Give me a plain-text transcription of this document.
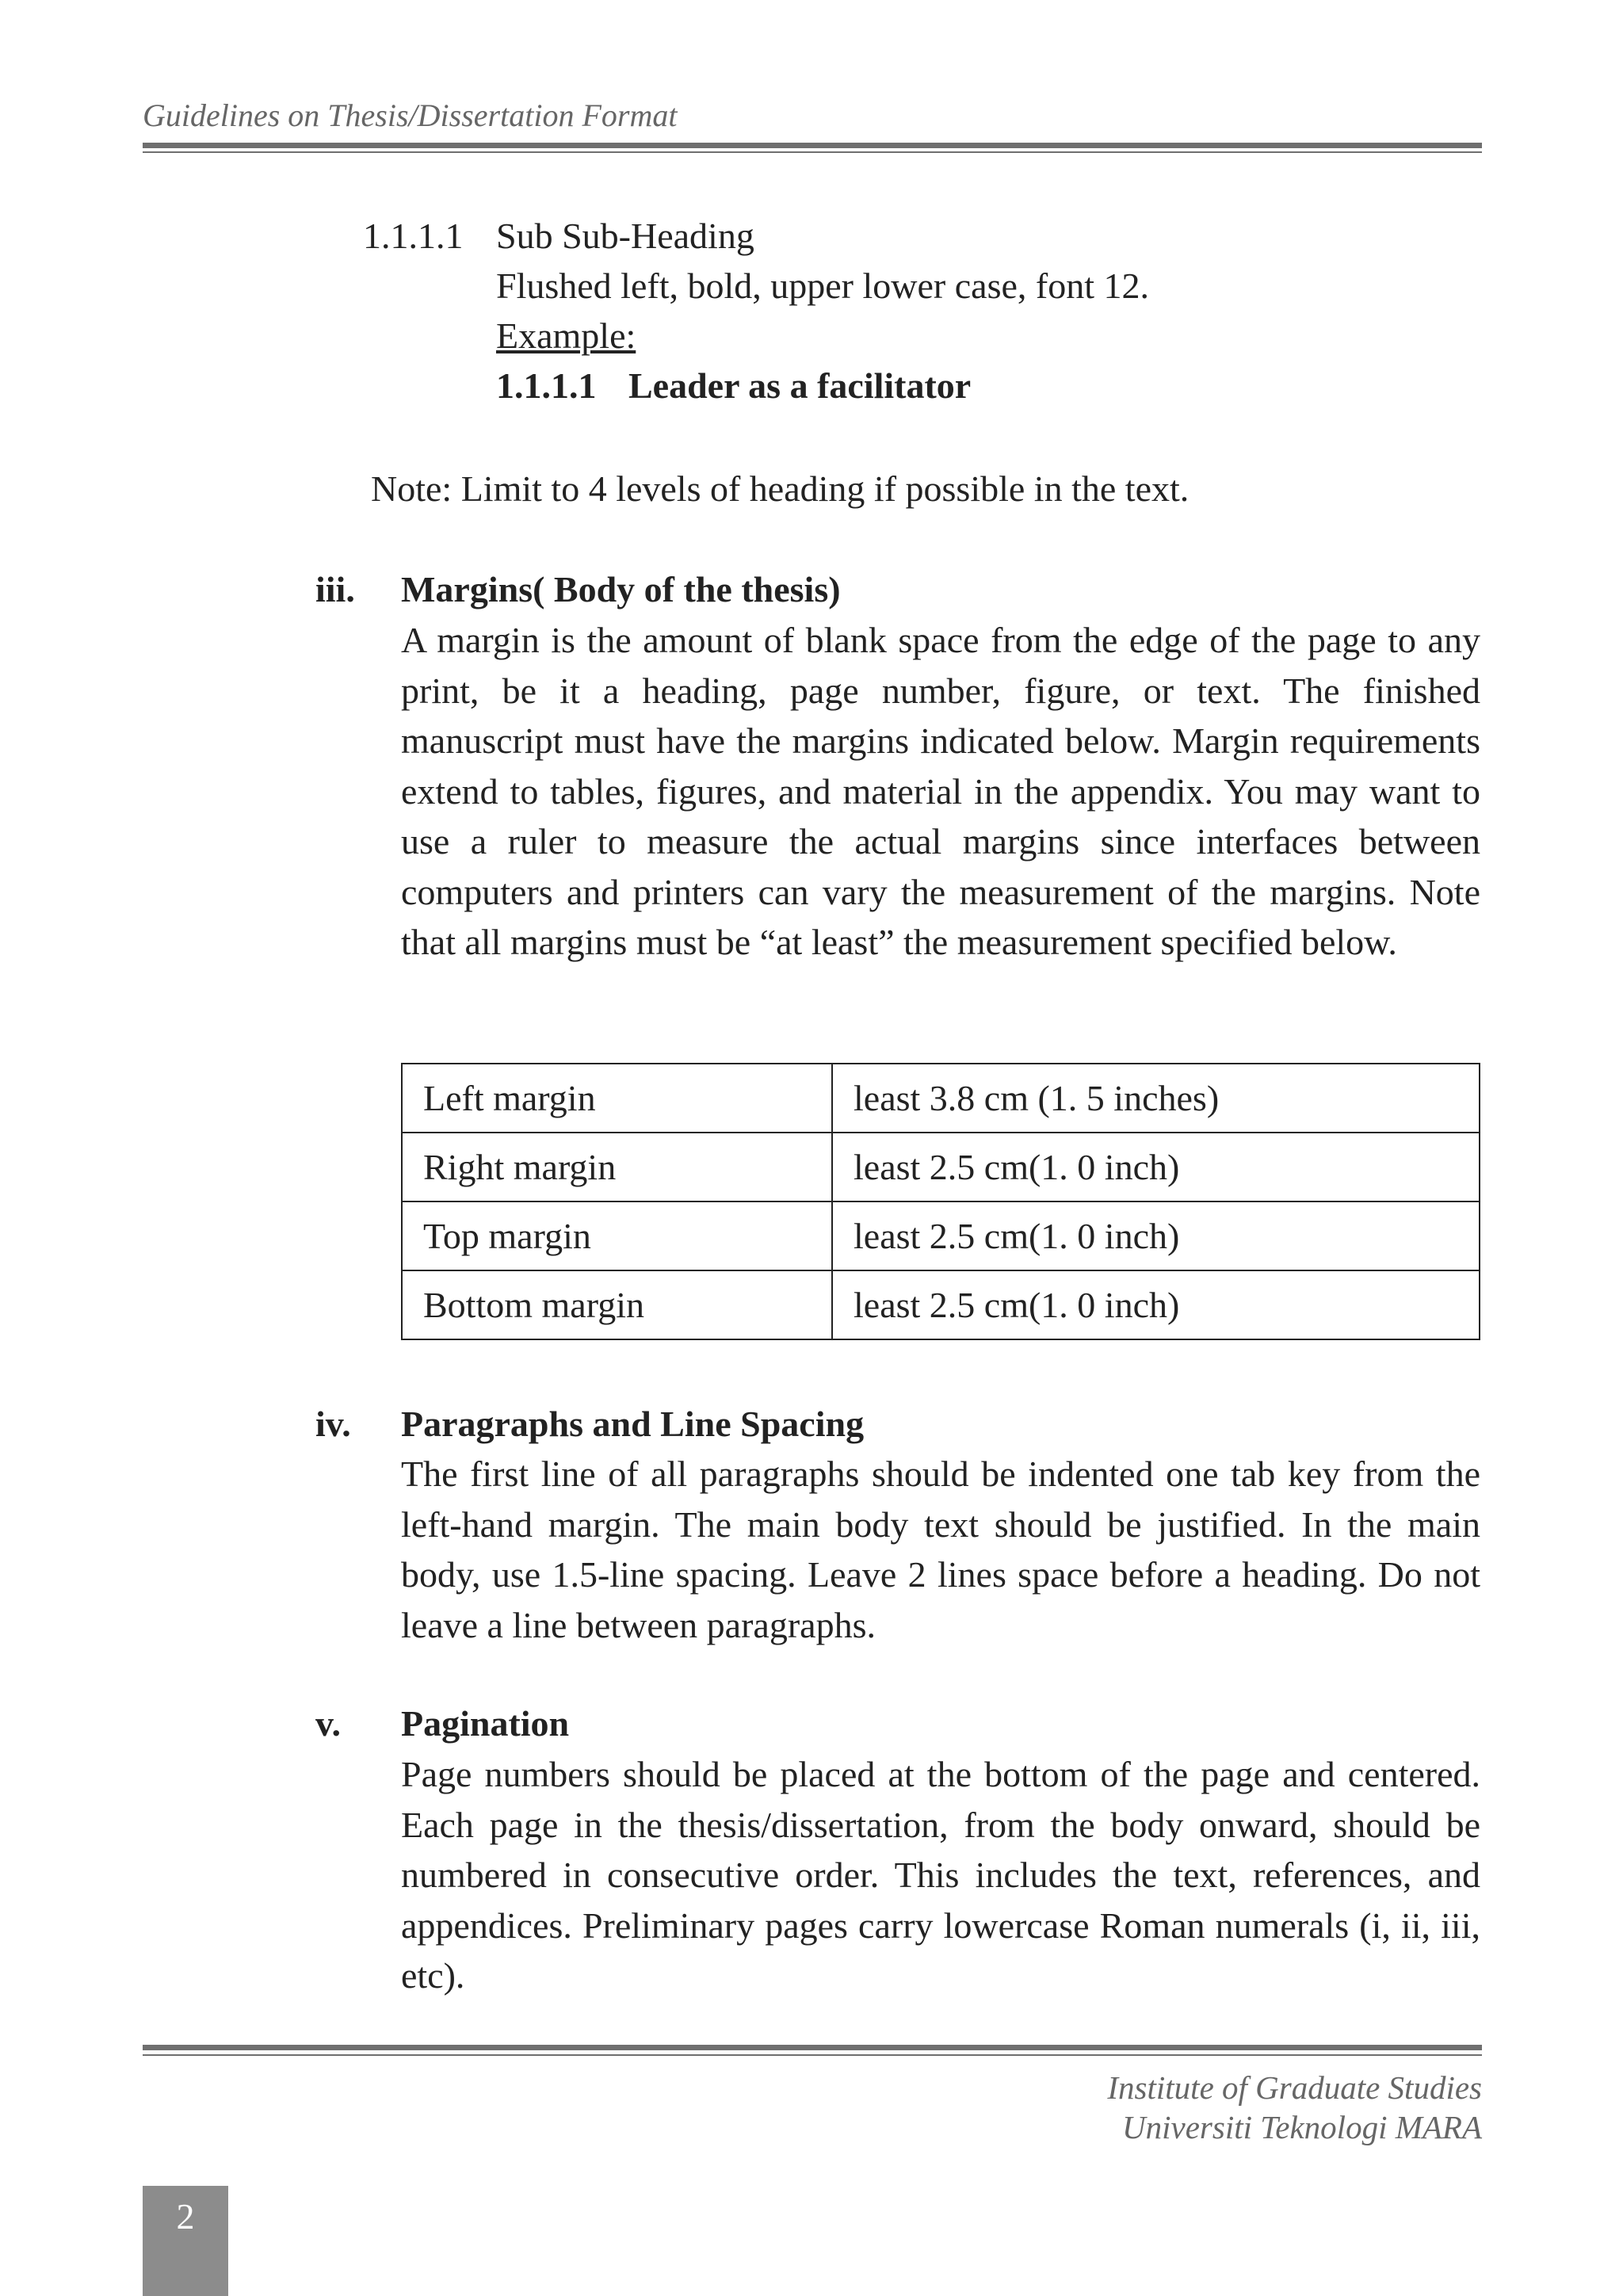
Guidelines on Thesis/Dissertation Format
1.1.1.1 Sub Sub-Heading
Flushed left, bold, upper lower case, font 12.
Example:
1.1.1.1 Leader as a facilitator
Note: Limit to 4 levels of heading if possible in the text.
iii. Margins( Body of the thesis)
A margin is the amount of blank space from the edge of the page to any print, be it a heading, page number, figure, or text. The finished manuscript must have the margins indicated below. Margin requirements extend to tables, figures, and material in the appendix. You may want to use a ruler to measure the actual margins since interfaces between computers and printers can vary the measurement of the margins. Note that all margins must be “at least” the measurement specified below.
Left margin	least 3.8 cm (1. 5 inches)
Right margin	least 2.5 cm(1. 0 inch)
Top margin	least 2.5 cm(1. 0 inch)
Bottom margin	least 2.5 cm(1. 0 inch)
iv. Paragraphs and Line Spacing
The first line of all paragraphs should be indented one tab key from the left-hand margin. The main body text should be justified. In the main body, use 1.5-line spacing. Leave 2 lines space before a heading. Do not leave a line between paragraphs.
v. Pagination
Page numbers should be placed at the bottom of the page and centered. Each page in the thesis/dissertation, from the body onward, should be numbered in consecutive order. This includes the text, references, and appendices. Preliminary pages carry lowercase Roman numerals (i, ii, iii, etc).
Institute of Graduate Studies
Universiti Teknologi MARA
2
